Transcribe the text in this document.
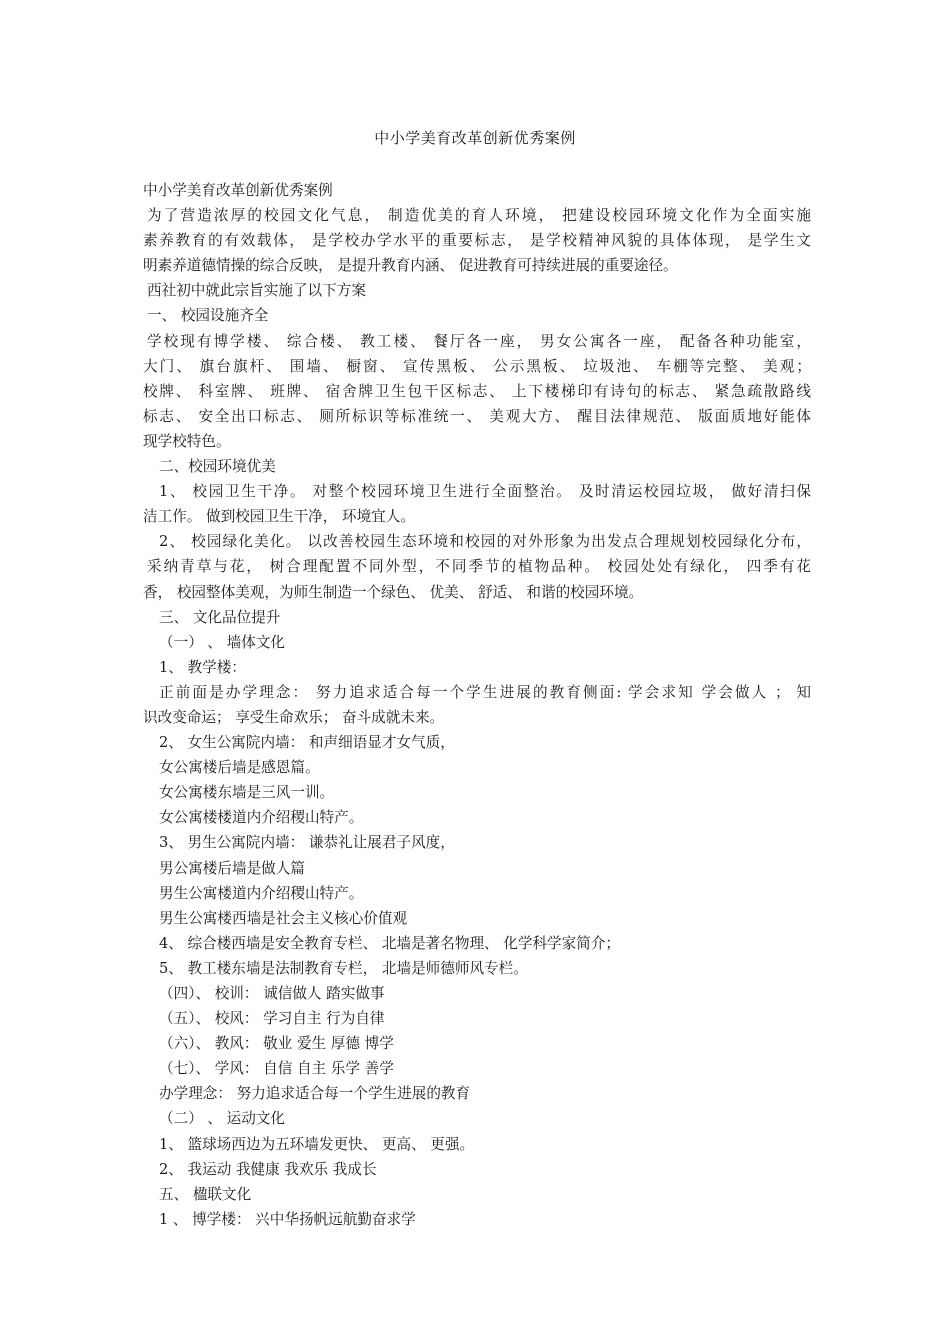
中小学美育改革创新优秀案例
中小学美育改革创新优秀案例
为了营造浓厚的校园文化气息， 制造优美的育人环境， 把建设校园环境文化作为全面实施
素养教育的有效载体， 是学校办学水平的重要标志， 是学校精神风貌的具体体现， 是学生文
明素养道德情操的综合反映， 是提升教育内涵、 促进教育可持续进展的重要途径。
西社初中就此宗旨实施了以下方案
一、 校园设施齐全
学校现有博学楼、 综合楼、 教工楼、 餐厅各一座， 男女公寓各一座， 配备各种功能室，
大门、 旗台旗杆、 围墙、 橱窗、 宣传黑板、 公示黑板、 垃圾池、 车棚等完整、 美观；
校牌、 科室牌、 班牌、 宿舍牌卫生包干区标志、 上下楼梯印有诗句的标志、 紧急疏散路线
标志、 安全出口标志、 厕所标识等标准统一、 美观大方、 醒目法律规范、 版面质地好能体
现学校特色。
二、校园环境优美
1、 校园卫生干净。 对整个校园环境卫生进行全面整治。 及时清运校园垃圾， 做好清扫保
洁工作。 做到校园卫生干净， 环境宜人。
2、 校园绿化美化。 以改善校园生态环境和校园的对外形象为出发点合理规划校园绿化分布，
采纳青草与花， 树合理配置不同外型，不同季节的植物品种。 校园处处有绿化， 四季有花
香， 校园整体美观，为师生制造一个绿色、 优美、 舒适、 和谐的校园环境。
三、 文化品位提升
（一） 、 墙体文化
1、 教学楼：
正前面是办学理念： 努力追求适合每一个学生进展的教育侧面: 学会求知 学会做人 ； 知
识改变命运； 享受生命欢乐； 奋斗成就未来。
2、 女生公寓院内墙： 和声细语显才女气质，
女公寓楼后墙是感恩篇。
女公寓楼东墙是三风一训。
女公寓楼楼道内介绍稷山特产。
3、 男生公寓院内墙： 谦恭礼让展君子风度，
男公寓楼后墙是做人篇
男生公寓楼道内介绍稷山特产。
男生公寓楼西墙是社会主义核心价值观
4、 综合楼西墙是安全教育专栏、 北墙是著名物理、 化学科学家简介；
5、 教工楼东墙是法制教育专栏， 北墙是师德师风专栏。
（四）、 校训： 诚信做人 踏实做事
（五）、 校风： 学习自主 行为自律
（六）、 教风： 敬业 爱生 厚德 博学
（七）、 学风： 自信 自主 乐学 善学
办学理念： 努力追求适合每一个学生进展的教育
（二） 、 运动文化
1、 篮球场西边为五环墙发更快、 更高、 更强。
2、 我运动 我健康 我欢乐 我成长
五、 楹联文化
1 、 博学楼： 兴中华扬帆远航勤奋求学
